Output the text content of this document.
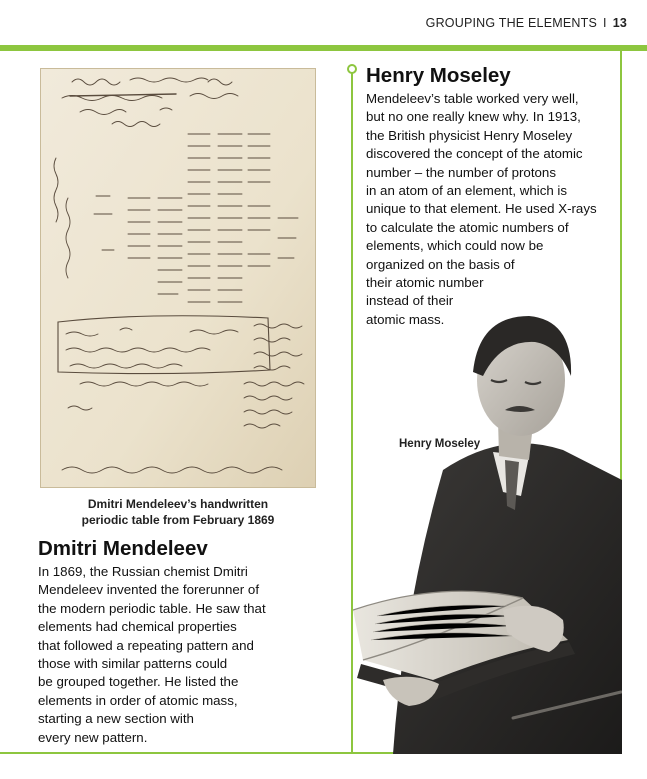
GROUPING THE ELEMENTS I 13
Dmitri Mendeleev’s handwritten
periodic table from February 1869
Dmitri Mendeleev
In 1869, the Russian chemist Dmitri
Mendeleev invented the forerunner of
the modern periodic table. He saw that
elements had chemical properties
that followed a repeating pattern and
those with similar patterns could
be grouped together. He listed the
elements in order of atomic mass,
starting a new section with
every new pattern.
Henry Moseley
Mendeleev’s table worked very well,
but no one really knew why. In 1913,
the British physicist Henry Moseley
discovered the concept of the atomic
number – the number of protons
in an atom of an element, which is
unique to that element. He used X-rays
to calculate the atomic numbers of
elements, which could now be
organized on the basis of
their atomic number
instead of their
atomic mass.
Henry Moseley
